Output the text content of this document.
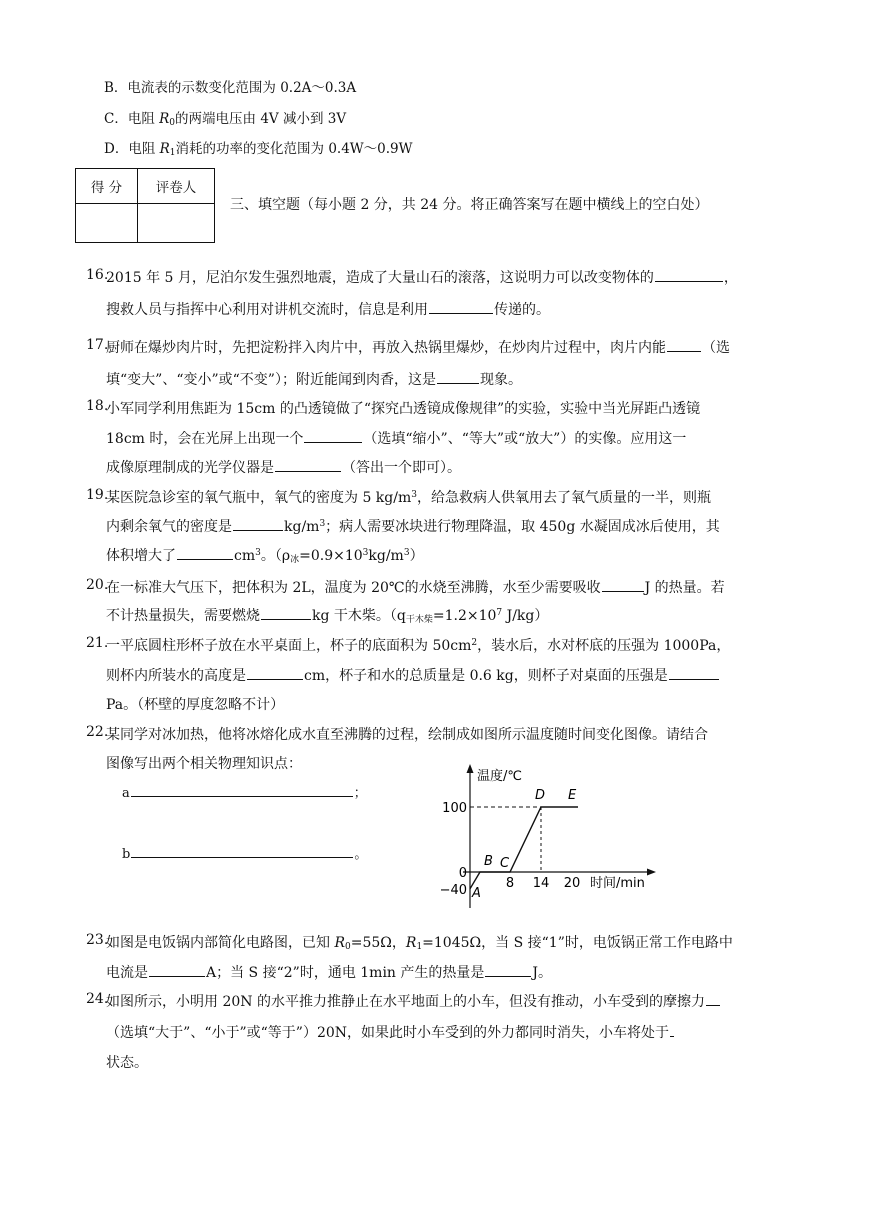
B．电流表的示数变化范围为 0.2A～0.3A
C．电阻 $R_0$的两端电压由 4V 减小到 3V
D．电阻 $R_1$消耗的功率的变化范围为 0.4W～0.9W
得 分	评卷人

三、填空题（每小题 2 分，共 24 分。将正确答案写在题中横线上的空白处）
16.
2015 年 5 月，尼泊尔发生强烈地震，造成了大量山石的滚落，这说明力可以改变物体的	，
搜救人员与指挥中心利用对讲机交流时，信息是利用	传递的。
17.
厨师在爆炒肉片时，先把淀粉拌入肉片中，再放入热锅里爆炒，在炒肉片过程中，肉片内能	（选
填“变大”、“变小”或“不变”）；附近能闻到肉香，这是	现象。
18.
小军同学利用焦距为 15cm 的凸透镜做了“探究凸透镜成像规律”的实验，实验中当光屏距凸透镜
18cm 时，会在光屏上出现一个	（选填“缩小”、“等大”或“放大”）的实像。应用这一
成像原理制成的光学仪器是	（答出一个即可）。
19.
某医院急诊室的氧气瓶中，氧气的密度为 5 $kg/m^3$，给急救病人供氧用去了氧气质量的一半，则瓶
内剩余氧气的密度是	$kg/m^3$；病人需要冰块进行物理降温，取 450g 水凝固成冰后使用，其
体积增大了	$cm^3$。$(\rho_冰=0.9\times 10^3kg/m^3)$
20.
在一标准大气压下，把体积为 2L，温度为 20℃的水烧至沸腾，水至少需要吸收	J 的热量。若
不计热量损失，需要燃烧	kg 干木柴。（$q_{干木柴}=1.2\times 10^7$ J/kg）
21.
一平底圆柱形杯子放在水平桌面上，杯子的底面积为 $50cm^2$，装水后，水对杯底的压强为 1000Pa，
则杯内所装水的高度是	cm，杯子和水的总质量是 0.6 kg，则杯子对桌面的压强是
Pa。（杯壁的厚度忽略不计）
22.
某同学对冰加热，他将冰熔化成水直至沸腾的过程，绘制成如图所示温度随时间变化图像。请结合
图像写出两个相关物理知识点：
a	；
b	。
温度/℃
时间/min
100
0
−40	8 14 20
A
B C
D E
23.
如图是电饭锅内部简化电路图，已知 $R_0=55\Omega$，$R_1=1045\Omega$，当 S 接“1”时，电饭锅正常工作电路中
电流是	A；当 S 接“2”时，通电 1min 产生的热量是	J。
24.
如图所示，小明用 20N 的水平推力推静止在水平地面上的小车，但没有推动，小车受到的摩擦力
（选填“大于”、“小于”或“等于”）20N，如果此时小车受到的外力都同时消失，小车将处于
状态。
